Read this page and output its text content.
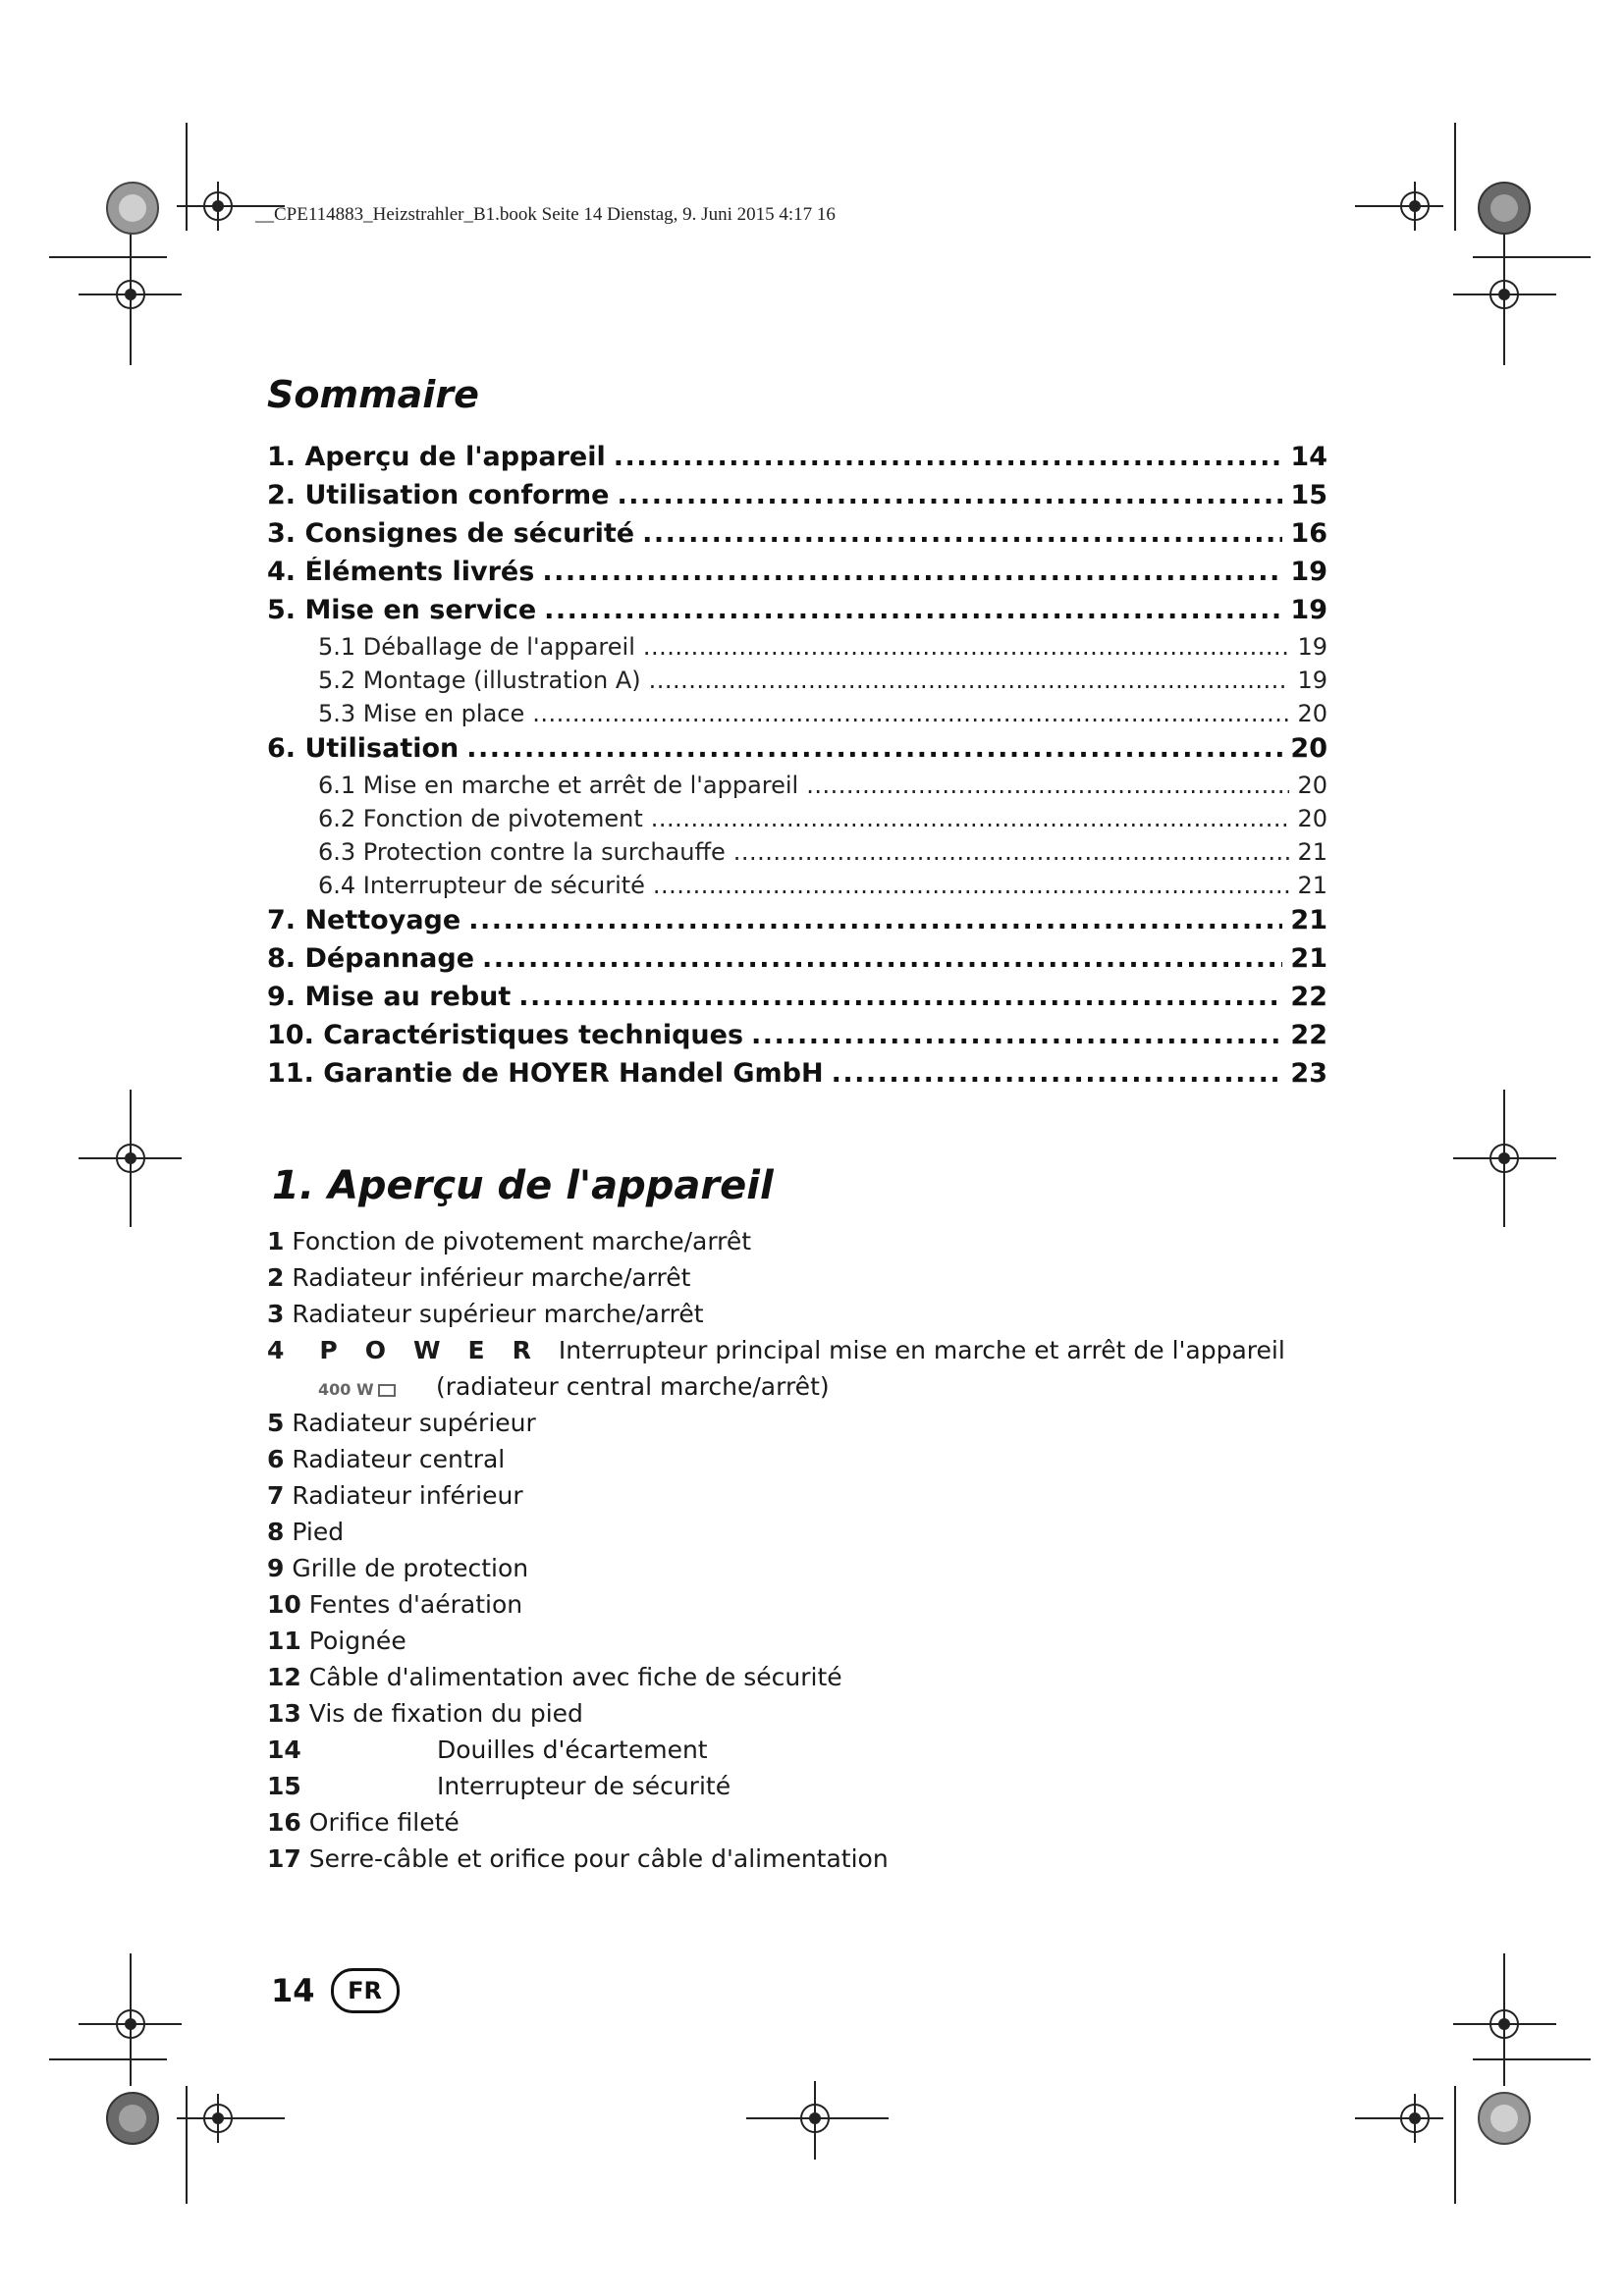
__CPE114883_Heizstrahler_B1.book Seite 14 Dienstag, 9. Juni 2015 4:17 16
Sommaire
1. Aperçu de l'appareil .....	14
2. Utilisation conforme .....	15
3. Consignes de sécurité .....	16
4. Éléments livrés .....	19
5. Mise en service .....	19
5.1 Déballage de l'appareil .....	19
5.2 Montage (illustration A) .....	19
5.3 Mise en place .....	20
6. Utilisation .....	20
6.1 Mise en marche et arrêt de l'appareil .....	20
6.2 Fonction de pivotement .....	20
6.3 Protection contre la surchauffe .....	21
6.4 Interrupteur de sécurité .....	21
7. Nettoyage .....	21
8. Dépannage .....	21
9. Mise au rebut .....	22
10. Caractéristiques techniques .....	22
11. Garantie de HOYER Handel GmbH .....	23
1. Aperçu de l'appareil
1 Fonction de pivotement marche/arrêt
2 Radiateur inférieur marche/arrêt
3 Radiateur supérieur marche/arrêt
4 POWER Interrupteur principal mise en marche et arrêt de l'appareil
400 W	(radiateur central marche/arrêt)
5 Radiateur supérieur
6 Radiateur central
7 Radiateur inférieur
8 Pied
9 Grille de protection
10 Fentes d'aération
11 Poignée
12 Câble d'alimentation avec fiche de sécurité
13 Vis de fixation du pied
14	Douilles d'écartement
15	Interrupteur de sécurité
16 Orifice fileté
17 Serre-câble et orifice pour câble d'alimentation
14	FR
